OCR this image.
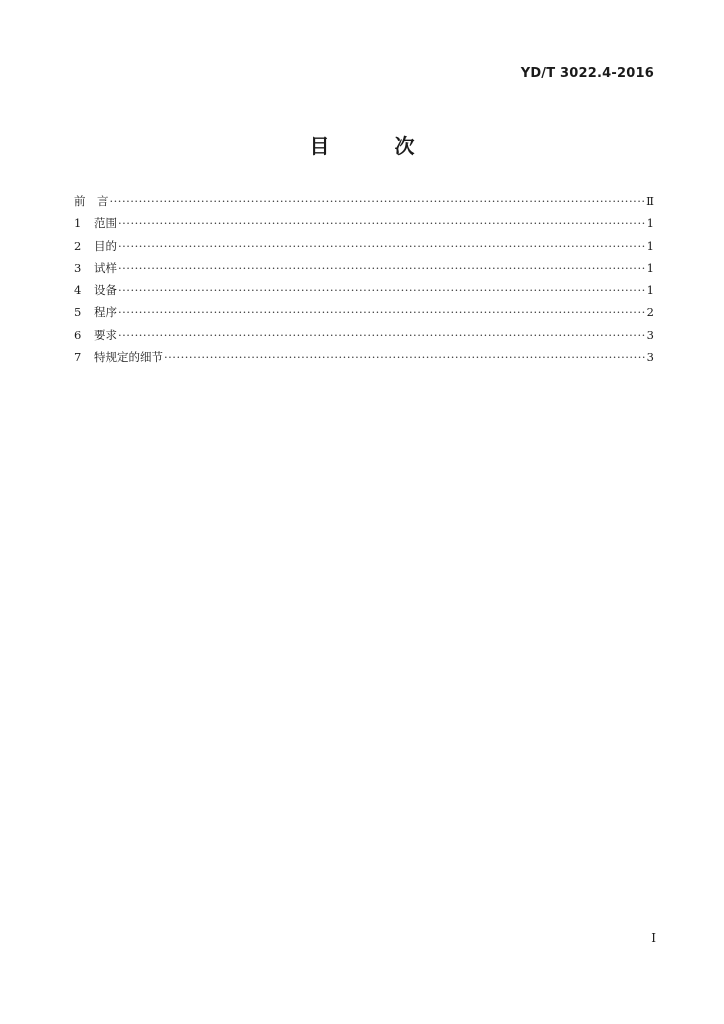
YD/T 3022.4-2016
目	次
前　言 ·····	Ⅱ
1	范围 ·····	1
2	目的 ·····	1
3	试样 ·····	1
4	设备 ·····	1
5	程序 ·····	2
6	要求 ·····	3
7	特规定的细节 ·····	3
I
